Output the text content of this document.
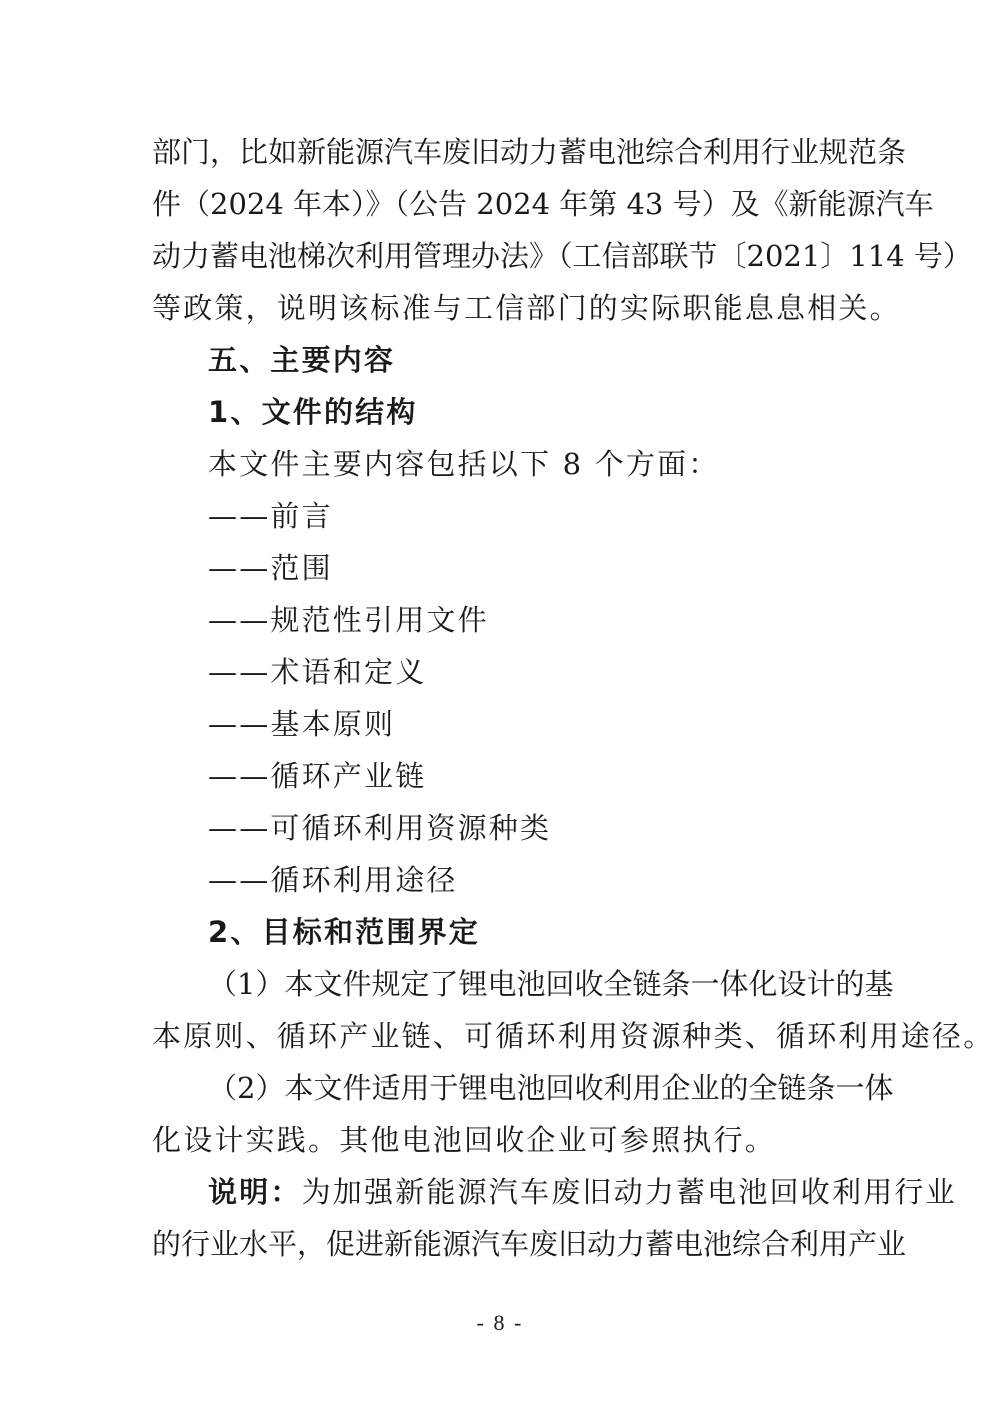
部门，比如新能源汽车废旧动力蓄电池综合利用行业规范条
件（2024 年本）》（公告 2024 年第 43 号）及《新能源汽车
动力蓄电池梯次利用管理办法》（工信部联节〔2021〕114 号）
等政策，说明该标准与工信部门的实际职能息息相关。
五、主要内容
1、文件的结构
本文件主要内容包括以下 8 个方面：
——前言
——范围
——规范性引用文件
——术语和定义
——基本原则
——循环产业链
——可循环利用资源种类
——循环利用途径
2、目标和范围界定
（1）本文件规定了锂电池回收全链条一体化设计的基
本原则、循环产业链、可循环利用资源种类、循环利用途径。
（2）本文件适用于锂电池回收利用企业的全链条一体
化设计实践。其他电池回收企业可参照执行。
说明：为加强新能源汽车废旧动力蓄电池回收利用行业
的行业水平，促进新能源汽车废旧动力蓄电池综合利用产业
- 8 -
